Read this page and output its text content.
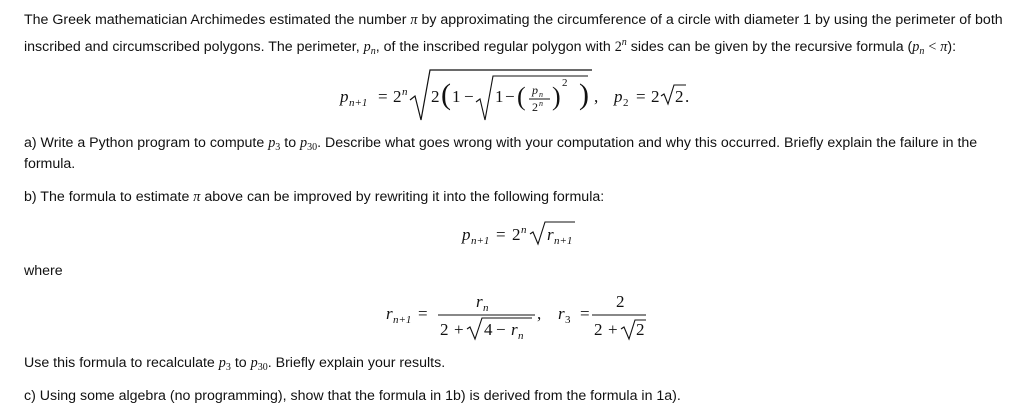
The Greek mathematician Archimedes estimated the number π by approximating the circumference of a circle with diameter 1 by using the perimeter of both
inscribed and circumscribed polygons. The perimeter, $p_n$, of the inscribed regular polygon with 2$^n$ sides can be given by the recursive formula $(p_n < \pi)$:
p n+1 = 2 n 2 ( 1 − 1 − ( p n
2 n ) 2 ) , p 2 = 2 2 .
a) Write a Python program to compute $p_3$ to $p_{30}$. Describe what goes wrong with your computation and why this occurred. Briefly explain the failure in the
formula.
b) The formula to estimate π above can be improved by rewriting it into the following formula:
p n+1 = 2 n r n+1
where
r n+1 =
r n
2 + 4 − r n
, r 3 =
2
2 + 2
Use this formula to recalculate $p_3$ to $p_{30}$. Briefly explain your results.
c) Using some algebra (no programming), show that the formula in 1b) is derived from the formula in 1a).
